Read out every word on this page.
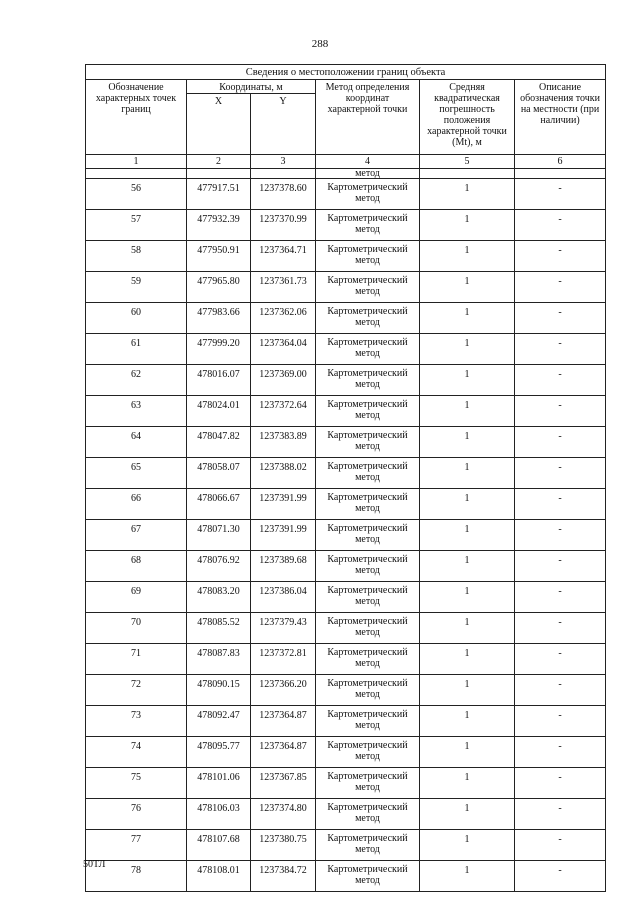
288
Сведения о местоположении границ объекта					
Обозначение характерных точек границ	Координаты, м		Метод определения координат характерной точки	Средняя квадратическая погрешность положения характерной точки (Mt), м	Описание обозначения точки на местности (при наличии)
	X	Y			
1	2	3	4	5	6
			метод		
56	477917.51	1237378.60	Картометрический метод	1	-
57	477932.39	1237370.99	Картометрический метод	1	-
58	477950.91	1237364.71	Картометрический метод	1	-
59	477965.80	1237361.73	Картометрический метод	1	-
60	477983.66	1237362.06	Картометрический метод	1	-
61	477999.20	1237364.04	Картометрический метод	1	-
62	478016.07	1237369.00	Картометрический метод	1	-
63	478024.01	1237372.64	Картометрический метод	1	-
64	478047.82	1237383.89	Картометрический метод	1	-
65	478058.07	1237388.02	Картометрический метод	1	-
66	478066.67	1237391.99	Картометрический метод	1	-
67	478071.30	1237391.99	Картометрический метод	1	-
68	478076.92	1237389.68	Картометрический метод	1	-
69	478083.20	1237386.04	Картометрический метод	1	-
70	478085.52	1237379.43	Картометрический метод	1	-
71	478087.83	1237372.81	Картометрический метод	1	-
72	478090.15	1237366.20	Картометрический метод	1	-
73	478092.47	1237364.87	Картометрический метод	1	-
74	478095.77	1237364.87	Картометрический метод	1	-
75	478101.06	1237367.85	Картометрический метод	1	-
76	478106.03	1237374.80	Картометрический метод	1	-
77	478107.68	1237380.75	Картометрический метод	1	-
78	478108.01	1237384.72	Картометрический метод	1	-
50ТЛ
